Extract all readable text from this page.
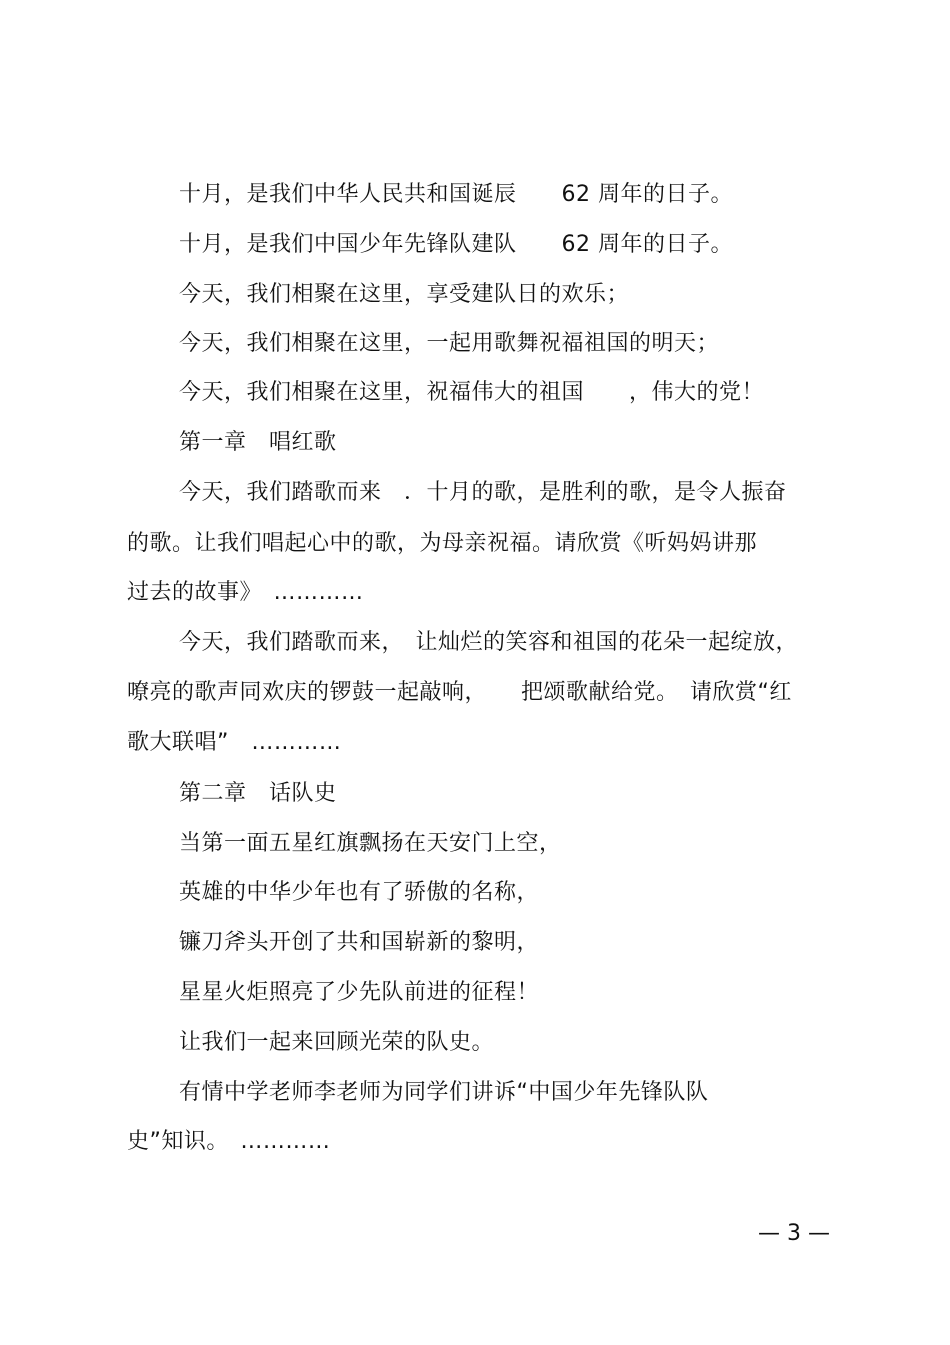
十月，是我们中华人民共和国诞辰　　62 周年的日子。
十月，是我们中国少年先锋队建队　　62 周年的日子。
今天，我们相聚在这里，享受建队日的欢乐；
今天，我们相聚在这里，一起用歌舞祝福祖国的明天；
今天，我们相聚在这里，祝福伟大的祖国　　，伟大的党！
第一章　唱红歌
今天，我们踏歌而来　．十月的歌，是胜利的歌，是令人振奋
的歌。让我们唱起心中的歌，为母亲祝福。请欣赏《听妈妈讲那
过去的故事》　…………
今天，我们踏歌而来，　让灿烂的笑容和祖国的花朵一起绽放，
嘹亮的歌声同欢庆的锣鼓一起敲响，　　把颂歌献给党。　请欣赏“红
歌大联唱”　…………
第二章　话队史
当第一面五星红旗飘扬在天安门上空，
英雄的中华少年也有了骄傲的名称，
镰刀斧头开创了共和国崭新的黎明，
星星火炬照亮了少先队前进的征程！
让我们一起来回顾光荣的队史。
有情中学老师李老师为同学们讲诉“中国少年先锋队队
史”知识。　…………
— 3 —
